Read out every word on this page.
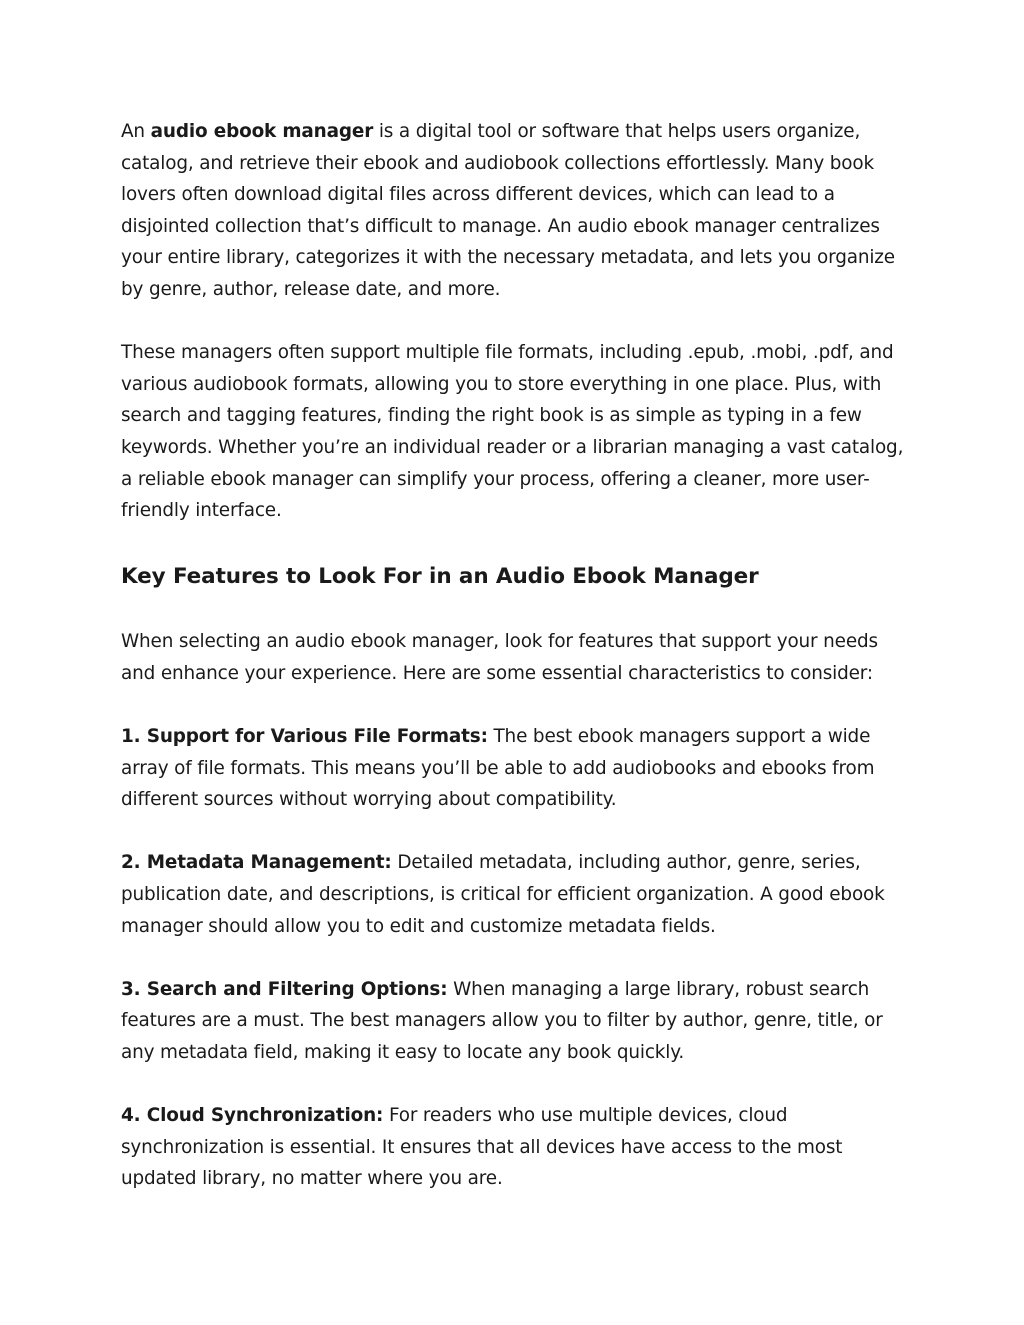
An audio ebook manager is a digital tool or software that helps users organize, catalog, and retrieve their ebook and audiobook collections effortlessly. Many book lovers often download digital files across different devices, which can lead to a disjointed collection that’s difficult to manage. An audio ebook manager centralizes your entire library, categorizes it with the necessary metadata, and lets you organize by genre, author, release date, and more.

These managers often support multiple file formats, including .epub, .mobi, .pdf, and various audiobook formats, allowing you to store everything in one place. Plus, with search and tagging features, finding the right book is as simple as typing in a few keywords. Whether you’re an individual reader or a librarian managing a vast catalog, a reliable ebook manager can simplify your process, offering a cleaner, more user-friendly interface.

Key Features to Look For in an Audio Ebook Manager

When selecting an audio ebook manager, look for features that support your needs and enhance your experience. Here are some essential characteristics to consider:

1. Support for Various File Formats: The best ebook managers support a wide array of file formats. This means you’ll be able to add audiobooks and ebooks from different sources without worrying about compatibility.

2. Metadata Management: Detailed metadata, including author, genre, series, publication date, and descriptions, is critical for efficient organization. A good ebook manager should allow you to edit and customize metadata fields.

3. Search and Filtering Options: When managing a large library, robust search features are a must. The best managers allow you to filter by author, genre, title, or any metadata field, making it easy to locate any book quickly.

4. Cloud Synchronization: For readers who use multiple devices, cloud synchronization is essential. It ensures that all devices have access to the most updated library, no matter where you are.
